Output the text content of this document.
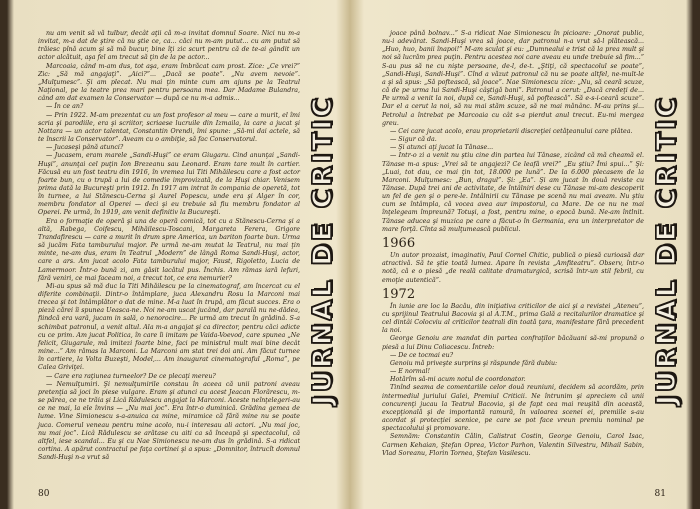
nu am venit să vă tulbur, decât aţii că m-a invitat domnul Soare. Nici nu m-a invitat, m-a dat de ştire că nu ştie ce, ca... căci nu m-am putut... cu am putut să trăiesc pînă acum şi să mă bucur, bine îţi zic scurt pentru că de te-ai gândit un actor alcătuit, aşa fel am trecut să ţin de la pe actor...

Marcoaia, când m-am dus, tot aşa, eram îmbrăcat cam prost. Zice: „Ce vrei?” Zic: „Să mă angajaţi”. „Aici?”... „Dacă se poate”. „Nu avem nevoie”. „Mulţumesc”. Şi am plecat. Nu mai ţin minte cum am ajuns pe la Teatrul Naţional, pe la teatre prea mari pentru persoana mea. Dar Madame Bulandra, când am dat examen la Conservator — după ce nu m-a admis...

— În ce an?

— Prin 1922. M-am prezentat cu un fost profesor al meu — care a murit, el îmi scria şi parodiile, era şi scriitor, scriaese lucruile din Izmaila, la care a jucat şi Nottara — un actor talentat, Constantin Orendi, îmi spune: „Să-mi dai actele, să te înscrii la Conservator”. Aveam cu o ambiţie, să fac Conservatorul.

— Jucaseşi până atunci?

— Jucasem, eram marele „Sandi-Huşi” ce eram Giugaru. Cind anunţai „Sandi-Huşi”, anunţai cel puţin Ion Brezeanu sau Leonard. Eram tare mult în cartier. Făcusă eu un fost teatru din 1916, în vremea lui Titi Mihăilescu care a fost actor foarte bun, cu o trupă a lui de comedie improvizată, de la Huşi chiar. Venisem prima dată la Bucureşti prin 1912. În 1917 am intrat în compania de operetă, tot în turnee, a lui Stănescu-Cerna şi Aurel Popescu, unde era şi Alger în cor, membru fondator al Operei — deci şi eu trebuie să fiu membru fondator al Operei. Pe urmă, în 1919, am venit definitiv la Bucureşti.

Era o formaţie de operă şi una de operă comică, tot cu a Stănescu-Cerna şi a altă, Rabega, Coifescu, Mihăilescu-Toscani, Margareta Ferera, Grigore Trandafirescu — care a murit în drum spre America, un bariton foarte bun. Urma să jucăm Fata tamburului major. Pe urmă ne-am mutat la Teatrul, nu mai ţin minte, ne-am dus, eram în Teatrul „Modern” de lângă Roma Sandi-Huşi, actor, care a ars. Am jucat acolo Fata tamburului major, Faust, Rigoletto, Lucia de Lamermoor. Într-o bună zi, am găsit lacătul pus. Închis. Am rămas iară lefuri, fără veniri, ce mai faceam noi, a trecut tot, ce era nemurier?

Mi-au spus să mă duc la Titi Mihăilescu pe la cinematograf, am încercat cu el diferite combinaţii. Dintr-o întâmplare, juca Alexandru Rosu la Marconi mai trecea şi tot întâmplător o dat de mine. M-a luat în trupă, am făcut succes. Era o pieză cărei îi spunea Ueasca-ne. Noi ne-am uscat jucând, dar parală nu ne-dădea, fiindcă era vară, jucam in sală, o nenorocire... Pe urmă am trecut în grădină. S-a schimbat patronul, a venit altul. Ala m-a angajat şi ca director, pentru căci adicte cu ce prim. Am jucat Politica, în care îi imitam pe Vaida-Voevod, care spunea „Ne felicit, Giugarule, mă imitezi foarte bine, faci pe ministrul mult mai bine decât mine...” Am rămas la Marconi. La Marconi am stat trei doi ani. Am făcut turnee în cartiere, la Volta Buzeşti, Model,... Am inaugurat cinematograful „Roma”, pe Calea Griviţei.

— Care era raţiunea turneelor? De ce plecaţi mereu?

— Nemulţumiri. Şi nemulţumirile constau în aceea că unii patroni aveau pretenţia să joci în piese vulgare. Eram şi atunci cu acest Jeacan Florărescu, m-se părea, ce ne trăia şi Licâ Rădulescu angajat la Marconi. Aceste neînţelegeri-au ce ne mai, la ele învins — „Nu mai joc”. Era într-o duminică. Grădina gemea de lume. Vine Simionescu s-a-anuica ca mine, miramice că fără mine nu se poate juca. Comerul veneau pentru mine acolo, nu-i interesau ali actori. „Nu mai joc, nu mai joc”. Licâ Rădulescu se arătase cu aiti ca să înceapă şi spectacolul, că altfel, iese scandal... Eu şi cu Nae Simionescu ne-am dus în grădină. S-a ridicat cortina. A apărut contractul pe faţa cortinei şi a spus: „Domnitor, întrucît domnul Sandi-Huşi n-a vrut să

JURNAL DE CRITIC
80

joace până bolnav...” S-a ridicat Nae Simionescu în picioare: „Onorat public, nu-i adevărat. Sandi-Huşi vrea să joace, dar patronul n-a vrut să-l plătească... „Huo, huo, banii înapoi!” M-am sculat şi eu: „Dumnealui e trist că la prea mult şi noi să lucrăm prea puţin. Pentru acestea noi care aveau eu unde trebuie să fim...” S-au pus să ne cu nişte persoane, de-l, de-t. „Ştiţi, că spectacolul se poate”, „Sandi-Huşi, Sandi-Huşi”. Cînd a văzut patronul că nu se poate altfel, ne-mult-le a şi să spus: „Să poftească, să joace”. Nae Simionescu zice: „Nu, să ceară scuze, că de pe urma lui Sandi-Huşi câştigă bani”. Patronul a cerut: „Dacă credeţi de... Pe urmă a venit la noi, după ce, Sandi-Huşi, să poftească”. Să e-s-i-ceară scuze”. Dar el a cerut la noi, să nu mai stăm scuze, să ne mai mănânc. M-au prins şi... Petrolul a întrebat pe Marcoaia cu cât s-a pierdut anul trecut. Eu-mi mergea greu.

— Cei care jucat acolo, erau proprietarii discreţiei cetăţeanului care plătea.

— Sigur că da.

— Şi atunci aţi jucat la Tănase...

— Intr-o zi a venit nu ştiu cine din partea lui Tănase, zicând că mă cheamă el. Tănase m-a spus: „Vrei să te angajezi? Ce leafă vrei?” „Eu ştiu? Îmi spui...” Şi: „Luai, tot dau, ce mai ţin tot, 18.000 pe lună”. De la 6.000 plecasem de la Marconi. Mulţumesc: „Bun, dragul”. Şi: „Ea”. Şi am jucat în două reviste cu Tănase. După trei ani de activitate, de întâlniri dese cu Tănase mi-am descoperit un fel de gen şi o pere-le. Intâlnirii cu Tănase pe scenă nu mai aveam. Nu ştiu cum se întâmpla, că vocea avea aur impostorul, ca Mare. De ce nu ne mai înţelegeam împreună? Totuşi, a fost, pentru mine, o epocă bună. Ne-am întlnit. Tănase aducea şi muzica pe care a făcut-o în Germania, era un interpretator de mare forţă. Cînta să mulţumească publicul.

1966

Un autor prozaist, imaginativ, Paul Cornel Chitic, publică o piesă curioasă dar atractivă. Să te ştie toată lumea. Apare în revista „Amfiteatru”. Observ, într-o notă, că e o piesă „de reală calitate dramaturgică, scrisă într-un stil febril, cu emoţie autentică”.

1972

În iunie are loc la Bacău, din iniţiativa criticilor de aici şi a revistei „Ateneu”, cu sprijinul Teatrului Bacovia şi al A.T.M., prima Gală a recitalurilor dramatice şi cel dintâi Colocviu al criticilor teatrali din toată ţara, manifestare fără precedent la noi.

George Genoiu are mandat din partea confraţilor băcăuani să-mi propună o piesă a lui Dinu Coliacescu. Întreb:

— De ce tocmai eu?

Genoiu mă priveşte surprins şi răspunde fără dubiu:

— E normal!

Hotărîm să-mi acum notul de coordonator.

Tinînd seama de comentariile celor două reuniuni, decidem să acordăm, prin intermediul juriului Galei, Premiul Criticii. Ne întrunim şi apreciem că unii concurenţi jucau la Teatrul Bacovia, şi de fapt cea mai reuşită din această, excepţională şi de importantă ramură, în valoarea scenei ei, premiile s-au acordat şi protecţiei scenice, pe care se pot face vreun premiu nominal pe spectacolului şi promovare.

Semnăm: Constantin Călin, Calistrat Costin, George Genoiu, Carol Isac, Carmen Kehaian, Ştefan Oprea, Victor Parhon, Valentin Silvestru, Mihail Sabin, Vlad Soreanu, Florin Tornea, Ştefan Vasilescu.

JURNAL DE CRITIC
81
